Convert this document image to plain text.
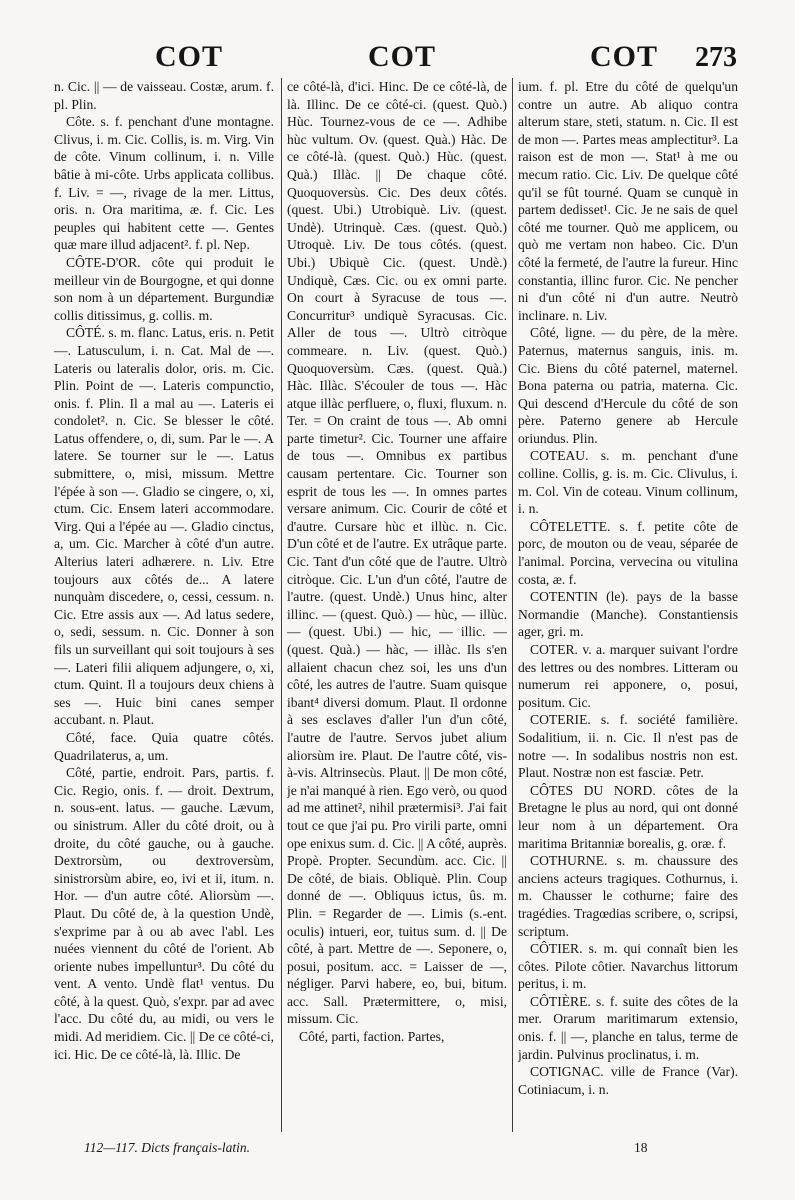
COT	COT	COT 273

n. Cic. || — de vaisseau. Costæ, arum. f. pl. Plin.

Côte. s. f. penchant d'une montagne. Clivus, i. m. Cic. Collis, is. m. Virg. Vin de côte. Vinum collinum, i. n. Ville bâtie à mi-côte. Urbs applicata collibus. f. Liv. = —, rivage de la mer. Littus, oris. n. Ora maritima, æ. f. Cic. Les peuples qui habitent cette —. Gentes quæ mare illud adjacent². f. pl. Nep.

CÔTE-D'OR. côte qui produit le meilleur vin de Bourgogne, et qui donne son nom à un département. Burgundiæ collis ditissimus, g. collis. m.

CÔTÉ. s. m. flanc. Latus, eris. n. Petit —. Latusculum, i. n. Cat. Mal de —. Lateris ou lateralis dolor, oris. m. Cic. Plin. Point de —. Lateris compunctio, onis. f. Plin. Il a mal au —. Lateris ei condolet². n. Cic. Se blesser le côté. Latus offendere, o, di, sum. Par le —. A latere. Se tourner sur le —. Latus submittere, o, misi, missum. Mettre l'épée à son —. Gladio se cingere, o, xi, ctum. Cic. Ensem lateri accommodare. Virg. Qui a l'épée au —. Gladio cinctus, a, um. Cic. Marcher à côté d'un autre. Alterius lateri adhærere. n. Liv. Etre toujours aux côtés de... A latere nunquàm discedere, o, cessi, cessum. n. Cic. Etre assis aux —. Ad latus sedere, o, sedi, sessum. n. Cic. Donner à son fils un surveillant qui soit toujours à ses —. Lateri filii aliquem adjungere, o, xi, ctum. Quint. Il a toujours deux chiens à ses —. Huic bini canes semper accubant. n. Plaut.

Côté, face. Quia quatre côtés. Quadrilaterus, a, um.

Côté, partie, endroit. Pars, partis. f. Cic. Regio, onis. f. — droit. Dextrum, n. sous-ent. latus. — gauche. Lævum, ou sinistrum. Aller du côté droit, ou à droite, du côté gauche, ou à gauche. Dextrorsùm, ou dextroversùm, sinistrorsùm abire, eo, ivi et ii, itum. n. Hor. — d'un autre côté. Aliorsùm —. Plaut. Du côté de, à la question Undè, s'exprime par à ou ab avec l'abl. Les nuées viennent du côté de l'orient. Ab oriente nubes impelluntur³. Du côté du vent. A vento. Undè flat¹ ventus. Du côté, à la quest. Quò, s'expr. par ad avec l'acc. Du côté du, au midi, ou vers le midi. Ad meridiem. Cic. || De ce côté-ci, ici. Hic. De ce côté-là, là. Illic. De

ce côté-là, d'ici. Hinc. De ce côté-là, de là. Illinc. De ce côté-ci. (quest. Quò.) Hùc. Tournez-vous de ce —. Adhibe hùc vultum. Ov. (quest. Quà.) Hàc. De ce côté-là. (quest. Quò.) Hùc. (quest. Quà.) Illàc. || De chaque côté. Quoquoversùs. Cic. Des deux côtés. (quest. Ubi.) Utrobiquè. Liv. (quest. Undè). Utrinquè. Cæs. (quest. Quò.) Utroquè. Liv. De tous côtés. (quest. Ubi.) Ubiquè Cic. (quest. Undè.) Undiquè, Cæs. Cic. ou ex omni parte. On court à Syracuse de tous —. Concurritur³ undiquè Syracusas. Cic. Aller de tous —. Ultrò citròque commeare. n. Liv. (quest. Quò.) Quoquoversùm. Cæs. (quest. Quà.) Hàc. Illàc. S'écouler de tous —. Hàc atque illàc perfluere, o, fluxi, fluxum. n. Ter. = On craint de tous —. Ab omni parte timetur². Cic. Tourner une affaire de tous —. Omnibus ex partibus causam pertentare. Cic. Tourner son esprit de tous les —. In omnes partes versare animum. Cic. Courir de côté et d'autre. Cursare hùc et illùc. n. Cic. D'un côté et de l'autre. Ex utrâque parte. Cic. Tant d'un côté que de l'autre. Ultrò citròque. Cic. L'un d'un côté, l'autre de l'autre. (quest. Undè.) Unus hinc, alter illinc. — (quest. Quò.) — hùc, — illùc. — (quest. Ubi.) — hic, — illic. — (quest. Quà.) — hàc, — illàc. Ils s'en allaient chacun chez soi, les uns d'un côté, les autres de l'autre. Suam quisque ibant⁴ diversi domum. Plaut. Il ordonne à ses esclaves d'aller l'un d'un côté, l'autre de l'autre. Servos jubet alium aliorsùm ire. Plaut. De l'autre côté, vis-à-vis. Altrinsecùs. Plaut. || De mon côté, je n'ai manqué à rien. Ego verò, ou quod ad me attinet², nihil prætermisi³. J'ai fait tout ce que j'ai pu. Pro virili parte, omni ope enixus sum. d. Cic. || A côté, auprès. Propè. Propter. Secundùm. acc. Cic. || De côté, de biais. Obliquè. Plin. Coup donné de —. Obliquus ictus, ûs. m. Plin. = Regarder de —. Limis (s.-ent. oculis) intueri, eor, tuitus sum. d. || De côté, à part. Mettre de —. Seponere, o, posui, positum. acc. = Laisser de —, négliger. Parvi habere, eo, bui, bitum. acc. Sall. Prætermittere, o, misi, missum. Cic.

Côté, parti, faction. Partes,

ium. f. pl. Etre du côté de quelqu'un contre un autre. Ab aliquo contra alterum stare, steti, statum. n. Cic. Il est de mon —. Partes meas amplectitur³. La raison est de mon —. Stat¹ à me ou mecum ratio. Cic. Liv. De quelque côté qu'il se fût tourné. Quam se cunquè in partem dedisset¹. Cic. Je ne sais de quel côté me tourner. Quò me applicem, ou quò me vertam non habeo. Cic. D'un côté la fermeté, de l'autre la fureur. Hinc constantia, illinc furor. Cic. Ne pencher ni d'un côté ni d'un autre. Neutrò inclinare. n. Liv.

Côté, ligne. — du père, de la mère. Paternus, maternus sanguis, inis. m. Cic. Biens du côté paternel, maternel. Bona paterna ou patria, materna. Cic. Qui descend d'Hercule du côté de son père. Paterno genere ab Hercule oriundus. Plin.

COTEAU. s. m. penchant d'une colline. Collis, g. is. m. Cic. Clivulus, i. m. Col. Vin de coteau. Vinum collinum, i. n.

CÔTELETTE. s. f. petite côte de porc, de mouton ou de veau, séparée de l'animal. Porcina, vervecina ou vitulina costa, æ. f.

COTENTIN (le). pays de la basse Normandie (Manche). Constantiensis ager, gri. m.

COTER. v. a. marquer suivant l'ordre des lettres ou des nombres. Litteram ou numerum rei apponere, o, posui, positum. Cic.

COTERIE. s. f. société familière. Sodalitium, ii. n. Cic. Il n'est pas de notre —. In sodalibus nostris non est. Plaut. Nostræ non est fasciæ. Petr.

CÔTES DU NORD. côtes de la Bretagne le plus au nord, qui ont donné leur nom à un département. Ora maritima Britanniæ borealis, g. oræ. f.

COTHURNE. s. m. chaussure des anciens acteurs tragiques. Cothurnus, i. m. Chausser le cothurne; faire des tragédies. Tragœdias scribere, o, scripsi, scriptum.

CÔTIER. s. m. qui connaît bien les côtes. Pilote côtier. Navarchus littorum peritus, i. m.

CÔTIÈRE. s. f. suite des côtes de la mer. Orarum maritimarum extensio, onis. f. || —, planche en talus, terme de jardin. Pulvinus proclinatus, i. m.

COTIGNAC. ville de France (Var). Cotiniacum, i. n.

112—117. Dicts français-latin.	18
